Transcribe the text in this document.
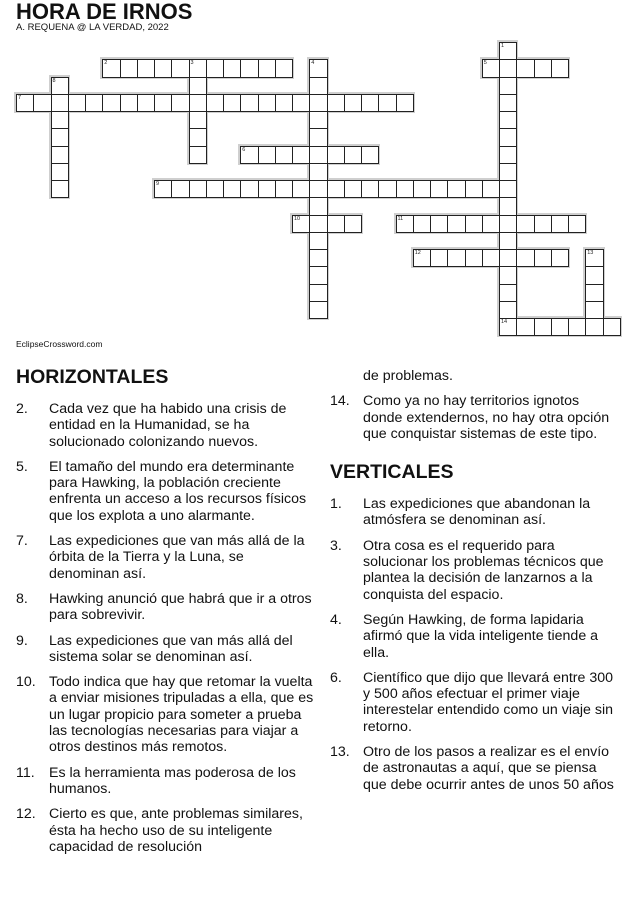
HORA DE IRNOS
A. REQUENA @ LA VERDAD, 2022
1
14
2	3	4	5
6
7
8
9
10	11
12	13
EclipseCrossword.com
HORIZONTALES
2.	Cada vez que ha habido una crisis de entidad en la Humanidad, se ha solucionado colonizando nuevos.
5.	El tamaño del mundo era determinante para Hawking, la población creciente enfrenta un acceso a los recursos físicos que los explota a uno alarmante.
7.	Las expediciones que van más allá de la órbita de la Tierra y la Luna, se denominan así.
8.	Hawking anunció que habrá que ir a otros para sobrevivir.
9.	Las expediciones que van más allá del sistema solar se denominan así.
10. Todo indica que hay que retomar la vuelta a enviar misiones tripuladas a ella, que es un lugar propicio para someter a prueba las tecnologías necesarias para viajar a otros destinos más remotos.
11.	Es la herramienta mas poderosa de los humanos.
12. Cierto es que, ante problemas similares, ésta ha hecho uso de su inteligente capacidad de resolución
de problemas.
14. Como ya no hay territorios ignotos donde extendernos, no hay otra opción que conquistar sistemas de este tipo.
VERTICALES
1.	Las expediciones que abandonan la atmósfera se denominan así.
3.	Otra cosa es el requerido para solucionar los problemas técnicos que plantea la decisión de lanzarnos a la conquista del espacio.
4.	Según Hawking, de forma lapidaria afirmó que la vida inteligente tiende a ella.
6.	Científico que dijo que llevará entre 300 y 500 años efectuar el primer viaje interestelar entendido como un viaje sin retorno.
13. Otro de los pasos a realizar es el envío de astronautas a aquí, que se piensa que debe ocurrir antes de unos 50 años
